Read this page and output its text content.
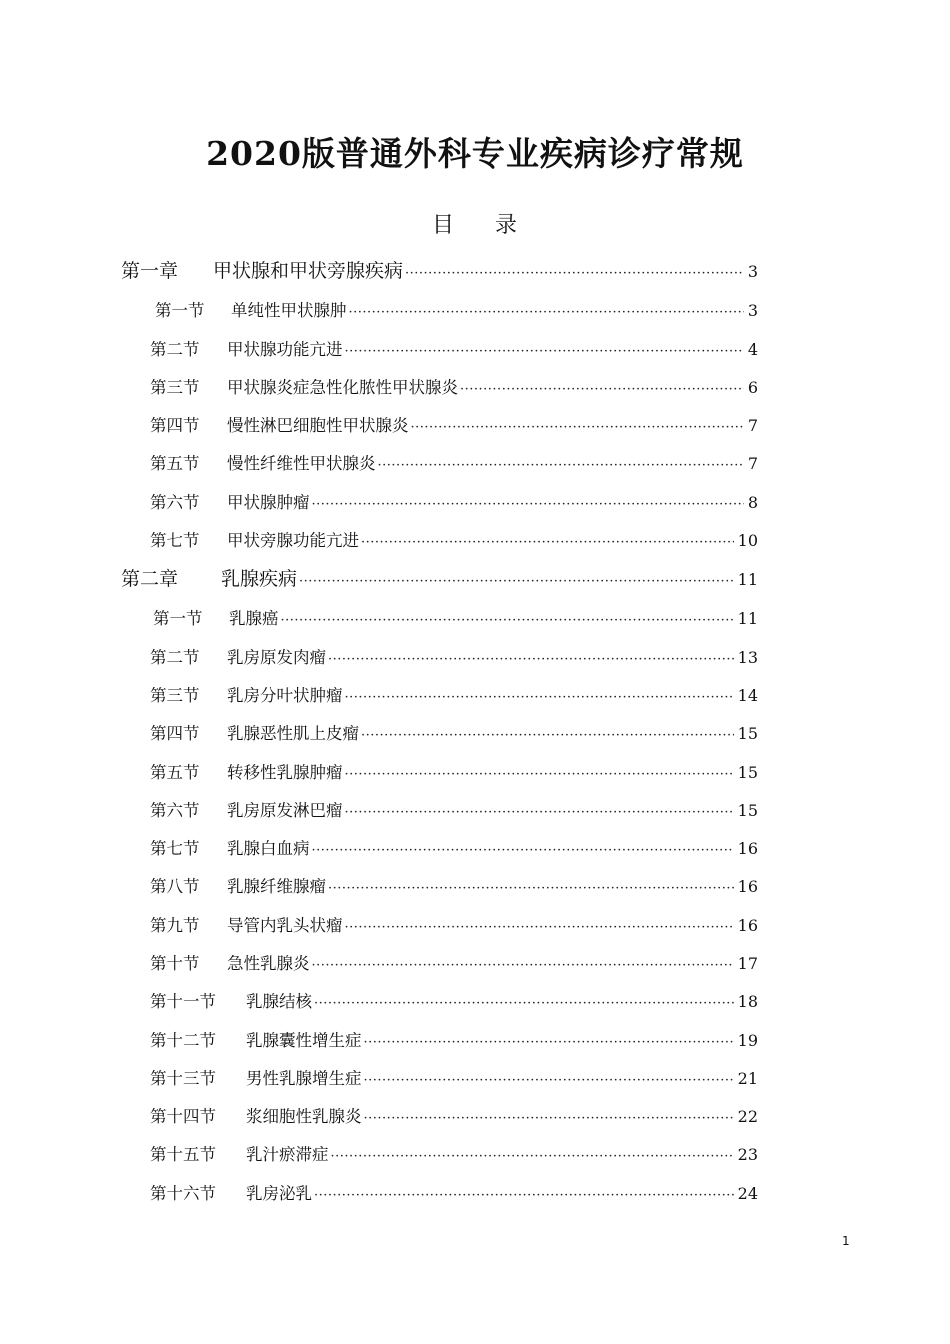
2020版普通外科专业疾病诊疗常规
目 录
第一章	甲状腺和甲状旁腺疾病 ·····	3
第一节	单纯性甲状腺肿 ·····	3
第二节	甲状腺功能亢进 ·····	4
第三节	甲状腺炎症急性化脓性甲状腺炎 ·····	6
第四节	慢性淋巴细胞性甲状腺炎 ·····	7
第五节	慢性纤维性甲状腺炎 ·····	7
第六节	甲状腺肿瘤 ·····	8
第七节	甲状旁腺功能亢进 ·····	10
第二章	乳腺疾病 ·····	11
第一节	乳腺癌 ·····	11
第二节	乳房原发肉瘤 ·····	13
第三节	乳房分叶状肿瘤 ·····	14
第四节	乳腺恶性肌上皮瘤 ·····	15
第五节	转移性乳腺肿瘤 ·····	15
第六节	乳房原发淋巴瘤 ·····	15
第七节	乳腺白血病 ·····	16
第八节	乳腺纤维腺瘤 ·····	16
第九节	导管内乳头状瘤 ·····	16
第十节	急性乳腺炎 ·····	17
第十一节	乳腺结核 ·····	18
第十二节	乳腺囊性增生症 ·····	19
第十三节	男性乳腺增生症 ·····	21
第十四节	浆细胞性乳腺炎 ·····	22
第十五节	乳汁瘀滞症 ·····	23
第十六节	乳房泌乳 ·····	24
1
